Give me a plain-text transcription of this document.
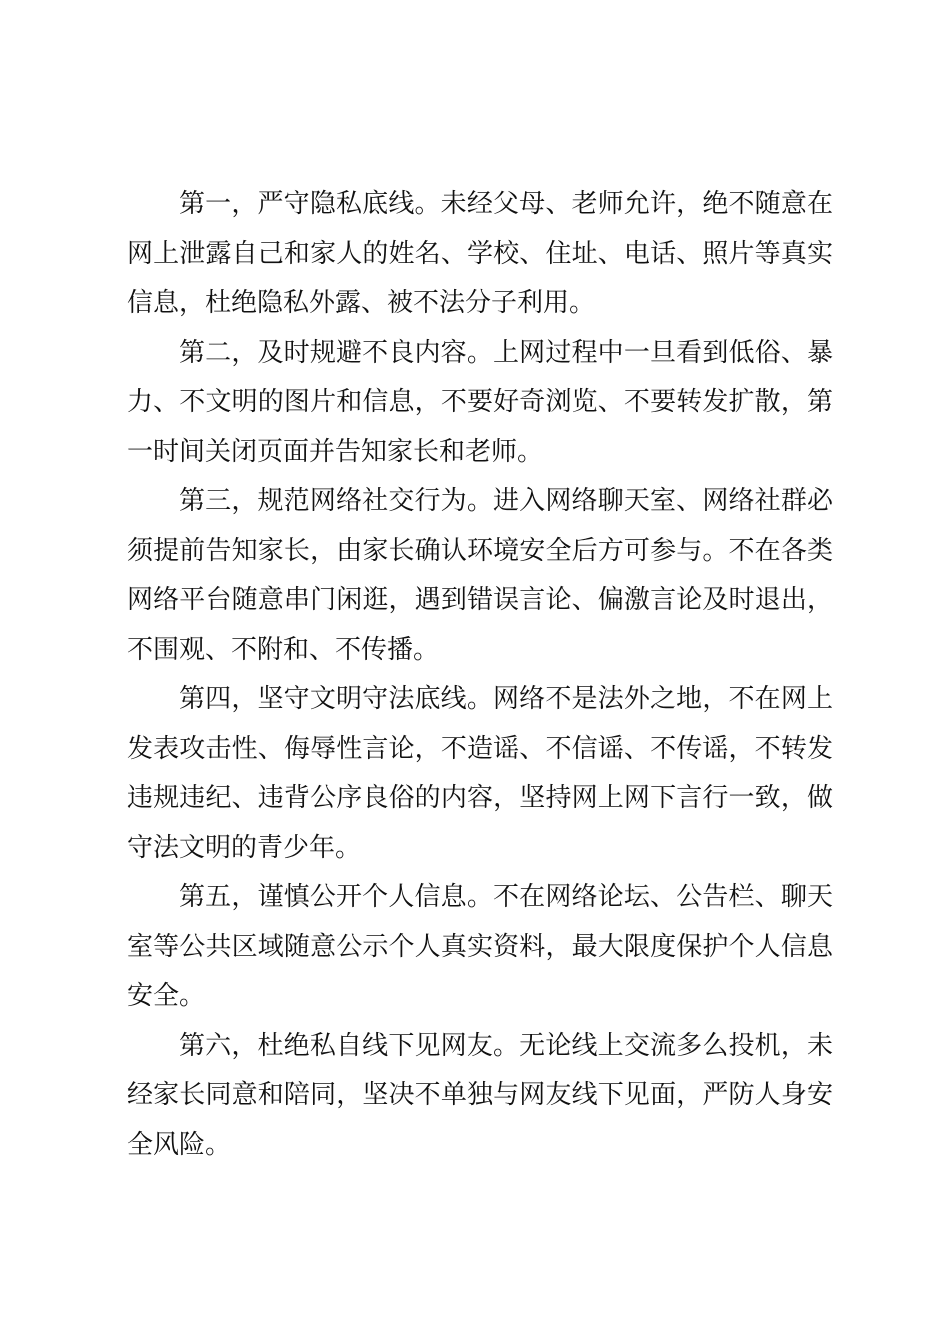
第一，严守隐私底线。未经父母、老师允许，绝不随意在网上泄露自己和家人的姓名、学校、住址、电话、照片等真实信息，杜绝隐私外露、被不法分子利用。

第二，及时规避不良内容。上网过程中一旦看到低俗、暴力、不文明的图片和信息，不要好奇浏览、不要转发扩散，第一时间关闭页面并告知家长和老师。

第三，规范网络社交行为。进入网络聊天室、网络社群必须提前告知家长，由家长确认环境安全后方可参与。不在各类网络平台随意串门闲逛，遇到错误言论、偏激言论及时退出，不围观、不附和、不传播。

第四，坚守文明守法底线。网络不是法外之地，不在网上发表攻击性、侮辱性言论，不造谣、不信谣、不传谣，不转发违规违纪、违背公序良俗的内容，坚持网上网下言行一致，做守法文明的青少年。

第五，谨慎公开个人信息。不在网络论坛、公告栏、聊天室等公共区域随意公示个人真实资料，最大限度保护个人信息安全。

第六，杜绝私自线下见网友。无论线上交流多么投机，未经家长同意和陪同，坚决不单独与网友线下见面，严防人身安全风险。
